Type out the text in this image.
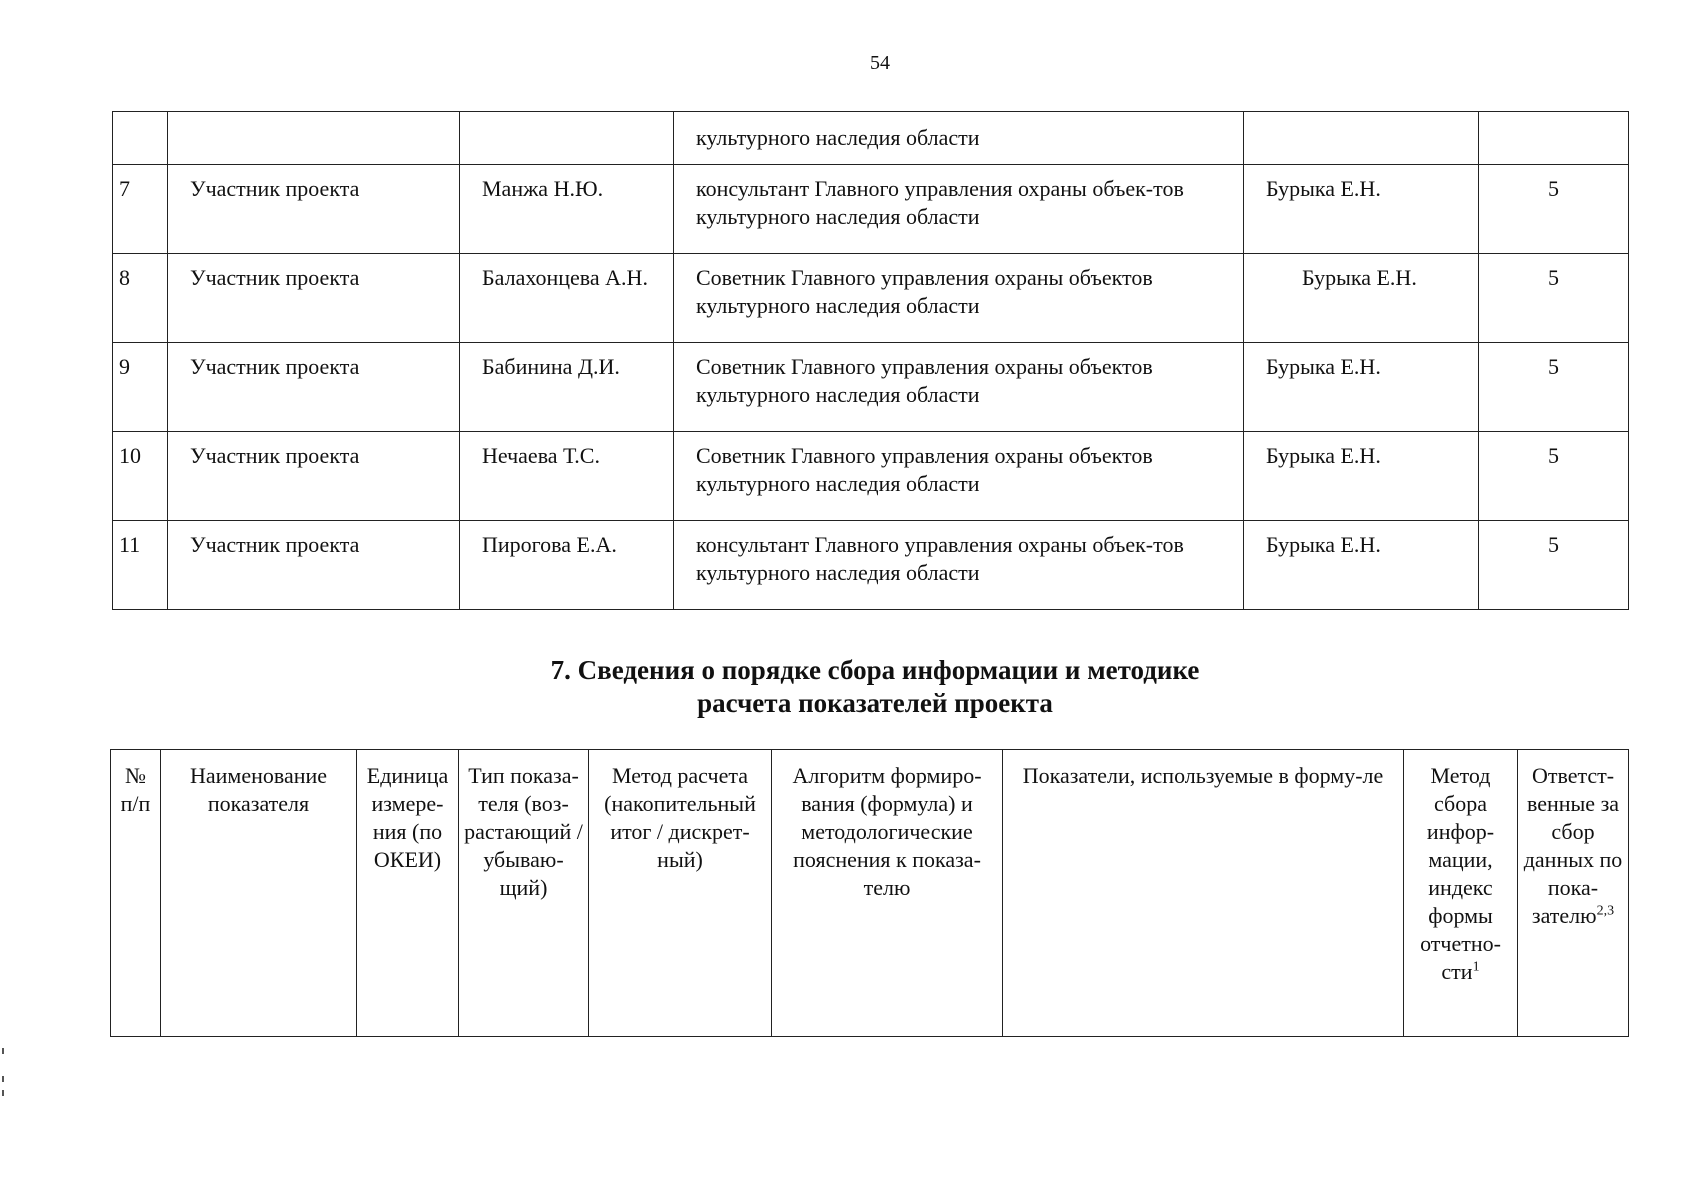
54
			культурного наследия области		
7	Участник проекта	Манжа Н.Ю.	консультант Главного управления охраны объек-тов культурного наследия области	Бурыка Е.Н.	5
8	Участник проекта	Балахонцева А.Н.	Советник Главного управления охраны объектов культурного наследия области	Бурыка Е.Н.	5
9	Участник проекта	Бабинина Д.И.	Советник Главного управления охраны объектов культурного наследия области	Бурыка Е.Н.	5
10	Участник проекта	Нечаева Т.С.	Советник Главного управления охраны объектов культурного наследия области	Бурыка Е.Н.	5
11	Участник проекта	Пирогова Е.А.	консультант Главного управления охраны объек-тов культурного наследия области	Бурыка Е.Н.	5
7. Сведения о порядке сбора информации и методике
расчета показателей проекта
№ п/п	Наименование показателя	Единица измере-ния (по ОКЕИ)	Тип показа-теля (воз-растающий / убываю-щий)	Метод расчета (накопительный итог / дискрет-ный)	Алгоритм формиро-вания (формула) и методологические пояснения к показа-телю	Показатели, используемые в форму-ле	Метод сбора инфор-мации, индекс формы отчетно-сти$^1$	Ответст-венные за сбор данных по пока-зателю$^{2,3}$
